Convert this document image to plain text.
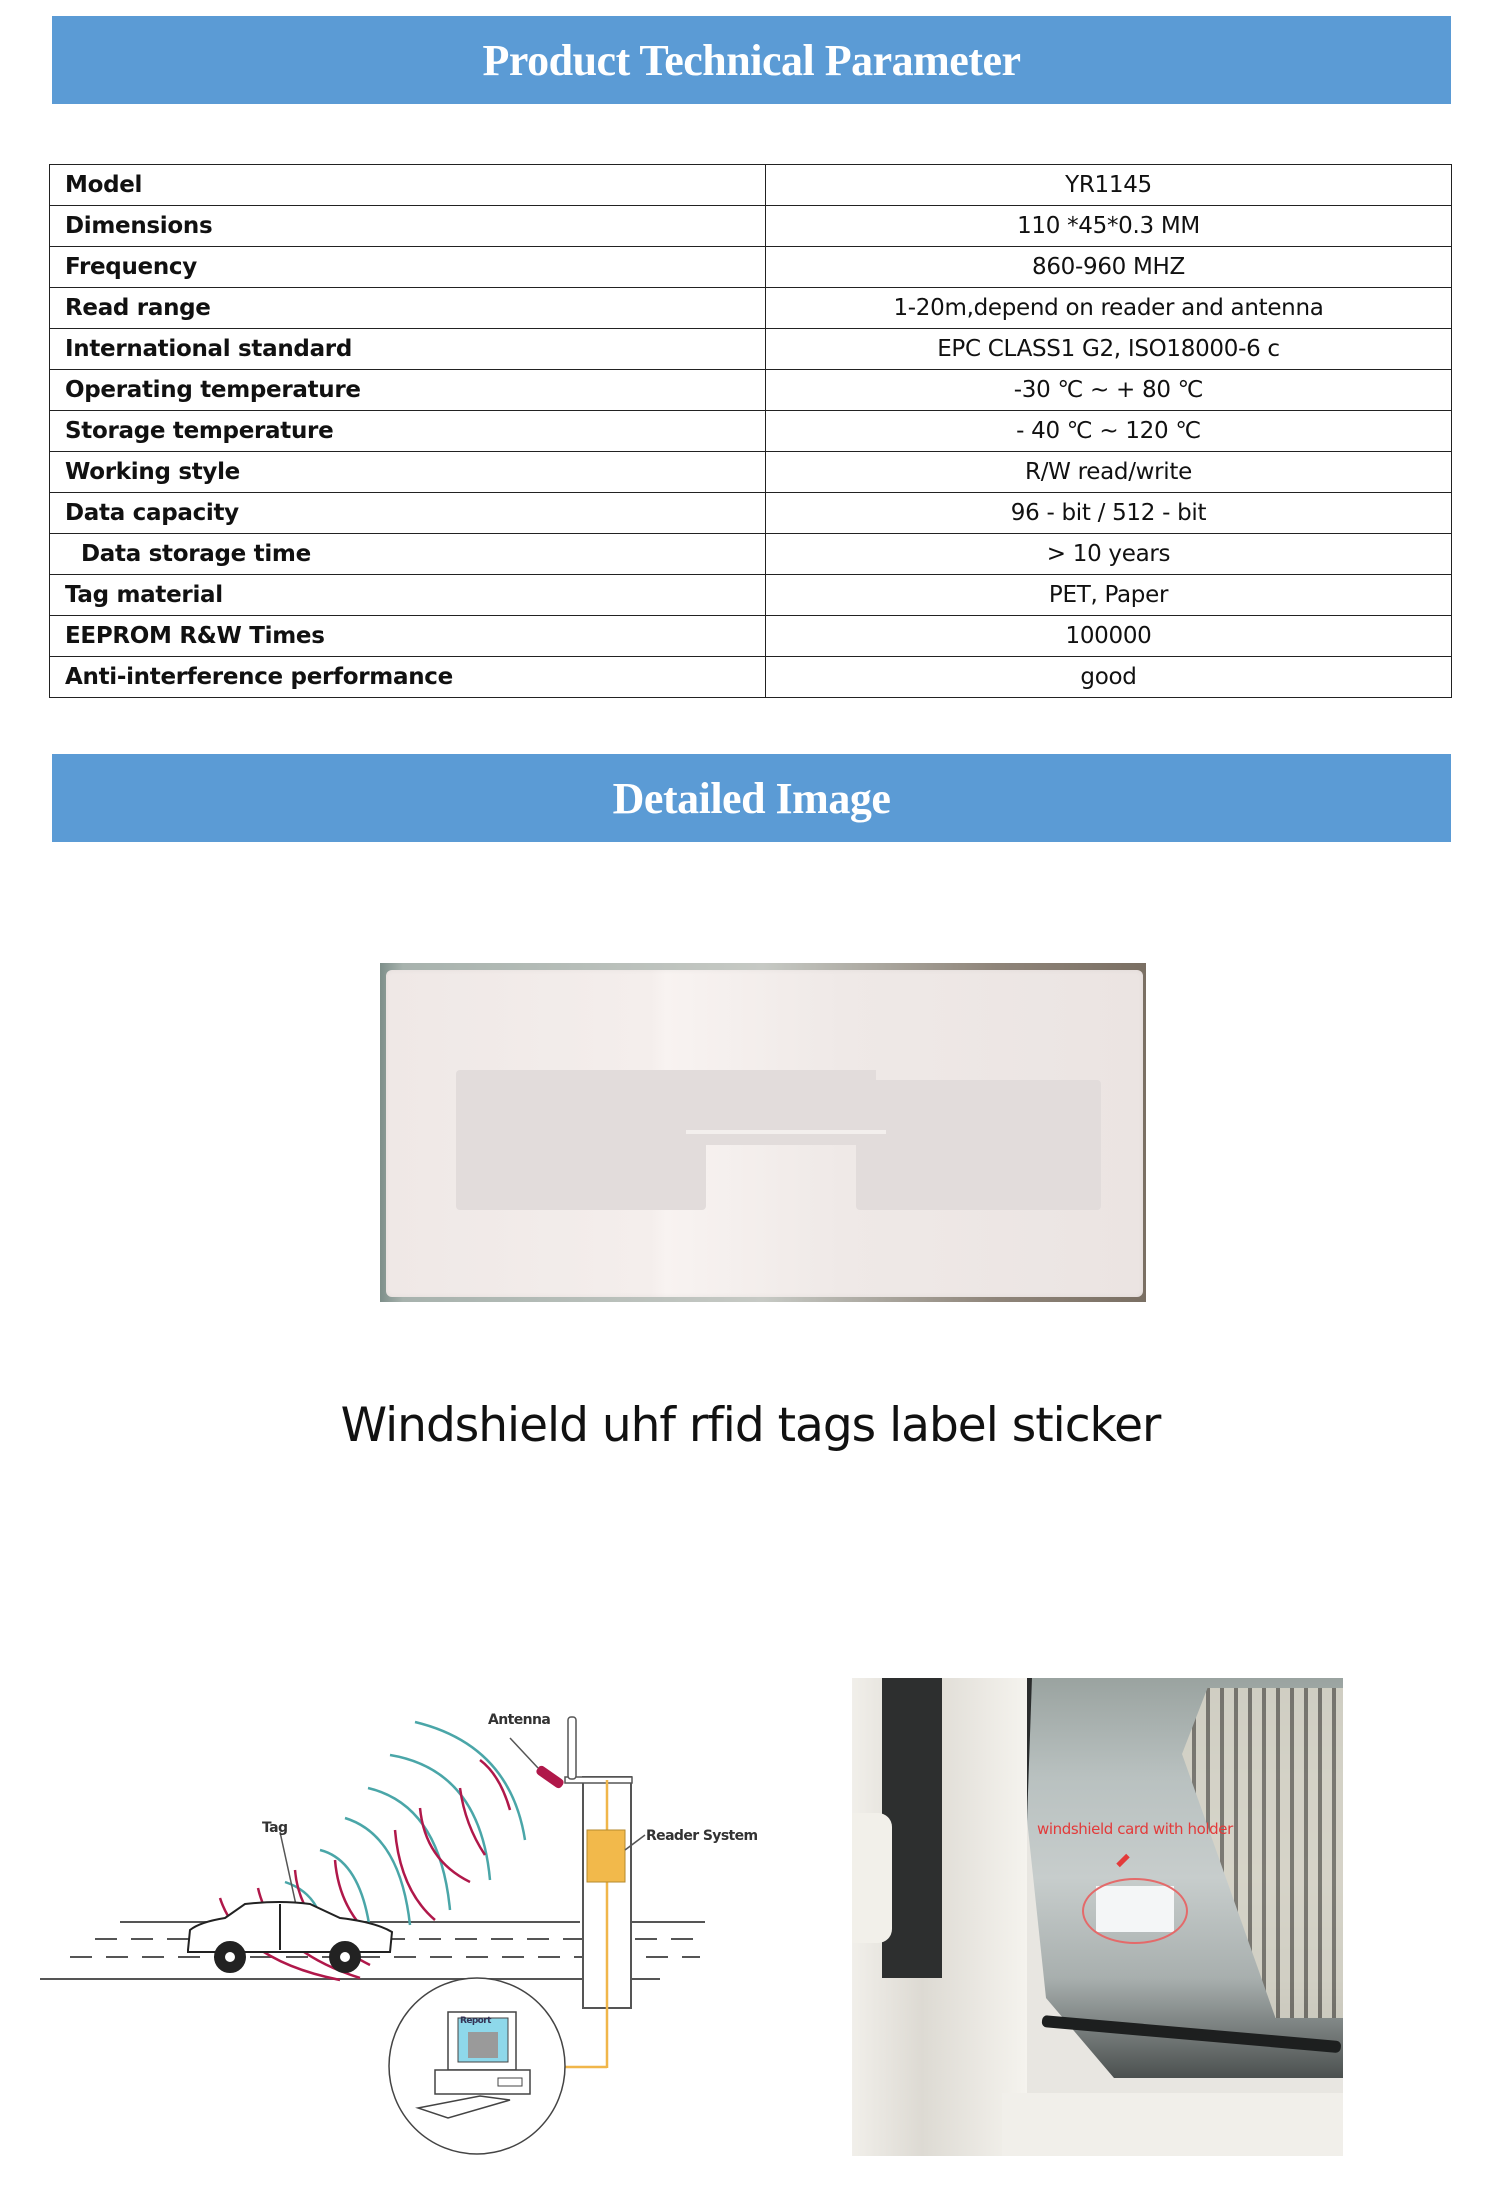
Product Technical Parameter
Model	YR1145
Dimensions	110 *45*0.3 MM
Frequency	860-960 MHZ
Read range	1-20m,depend on reader and antenna
International standard	EPC CLASS1 G2, ISO18000-6 c
Operating temperature	-30 ℃ ~ + 80 ℃
Storage temperature	- 40 ℃ ~ 120 ℃
Working style	R/W read/write
Data capacity	96 - bit / 512 - bit
Data storage time	> 10 years
Tag material	PET, Paper
EEPROM R&W Times	100000
Anti-interference performance	good
Detailed Image
Windshield uhf rfid tags label sticker
Antenna
Tag	Reader System
Report
windshield card with holder
